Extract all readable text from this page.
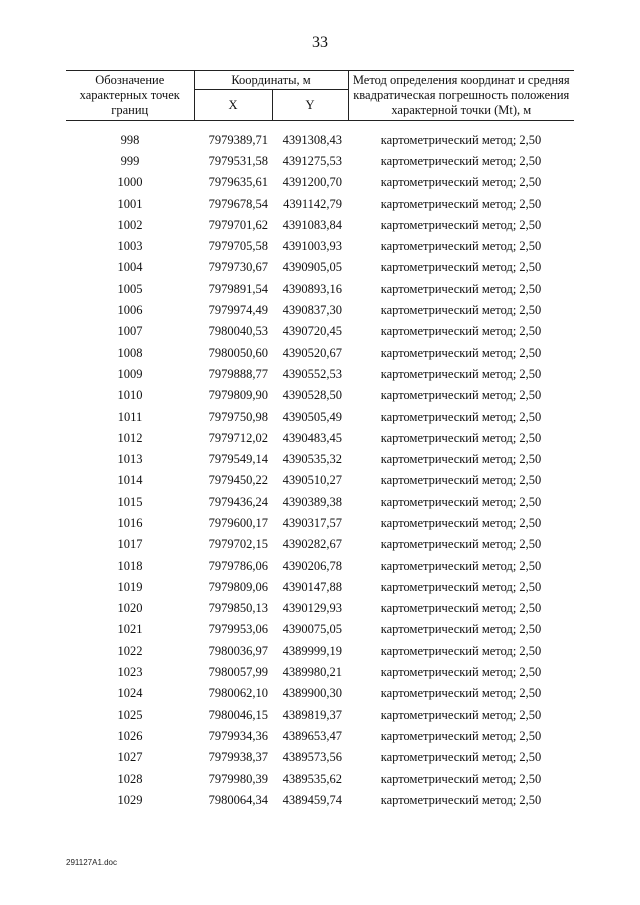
33
Обозначение характерных точек границ	Координаты, м		Метод определения координат и средняя квадратическая погрешность положения характерной точки (Mt), м
	X	Y	

998	7979389,71	4391308,43	картометрический метод; 2,50
999	7979531,58	4391275,53	картометрический метод; 2,50
1000	7979635,61	4391200,70	картометрический метод; 2,50
1001	7979678,54	4391142,79	картометрический метод; 2,50
1002	7979701,62	4391083,84	картометрический метод; 2,50
1003	7979705,58	4391003,93	картометрический метод; 2,50
1004	7979730,67	4390905,05	картометрический метод; 2,50
1005	7979891,54	4390893,16	картометрический метод; 2,50
1006	7979974,49	4390837,30	картометрический метод; 2,50
1007	7980040,53	4390720,45	картометрический метод; 2,50
1008	7980050,60	4390520,67	картометрический метод; 2,50
1009	7979888,77	4390552,53	картометрический метод; 2,50
1010	7979809,90	4390528,50	картометрический метод; 2,50
1011	7979750,98	4390505,49	картометрический метод; 2,50
1012	7979712,02	4390483,45	картометрический метод; 2,50
1013	7979549,14	4390535,32	картометрический метод; 2,50
1014	7979450,22	4390510,27	картометрический метод; 2,50
1015	7979436,24	4390389,38	картометрический метод; 2,50
1016	7979600,17	4390317,57	картометрический метод; 2,50
1017	7979702,15	4390282,67	картометрический метод; 2,50
1018	7979786,06	4390206,78	картометрический метод; 2,50
1019	7979809,06	4390147,88	картометрический метод; 2,50
1020	7979850,13	4390129,93	картометрический метод; 2,50
1021	7979953,06	4390075,05	картометрический метод; 2,50
1022	7980036,97	4389999,19	картометрический метод; 2,50
1023	7980057,99	4389980,21	картометрический метод; 2,50
1024	7980062,10	4389900,30	картометрический метод; 2,50
1025	7980046,15	4389819,37	картометрический метод; 2,50
1026	7979934,36	4389653,47	картометрический метод; 2,50
1027	7979938,37	4389573,56	картометрический метод; 2,50
1028	7979980,39	4389535,62	картометрический метод; 2,50
1029	7980064,34	4389459,74	картометрический метод; 2,50
291127A1.doc
